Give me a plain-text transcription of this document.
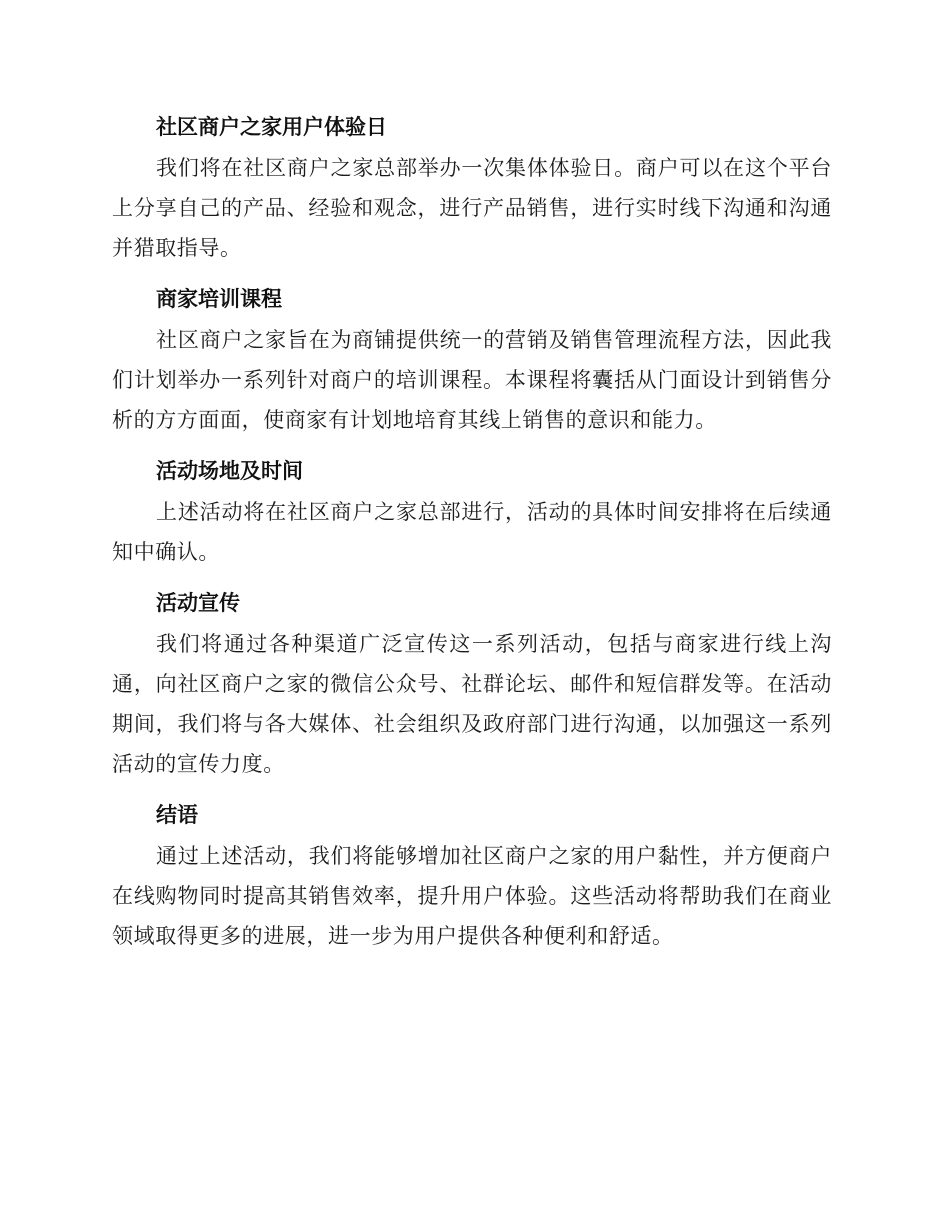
社区商户之家用户体验日

我们将在社区商户之家总部举办一次集体体验日。商户可以在这个平台上分享自己的产品、经验和观念，进行产品销售，进行实时线下沟通和沟通并猎取指导。

商家培训课程

社区商户之家旨在为商铺提供统一的营销及销售管理流程方法，因此我们计划举办一系列针对商户的培训课程。本课程将囊括从门面设计到销售分析的方方面面，使商家有计划地培育其线上销售的意识和能力。

活动场地及时间

上述活动将在社区商户之家总部进行，活动的具体时间安排将在后续通知中确认。

活动宣传

我们将通过各种渠道广泛宣传这一系列活动，包括与商家进行线上沟通，向社区商户之家的微信公众号、社群论坛、邮件和短信群发等。在活动期间，我们将与各大媒体、社会组织及政府部门进行沟通，以加强这一系列活动的宣传力度。

结语

通过上述活动，我们将能够增加社区商户之家的用户黏性，并方便商户在线购物同时提高其销售效率，提升用户体验。这些活动将帮助我们在商业领域取得更多的进展，进一步为用户提供各种便利和舒适。
